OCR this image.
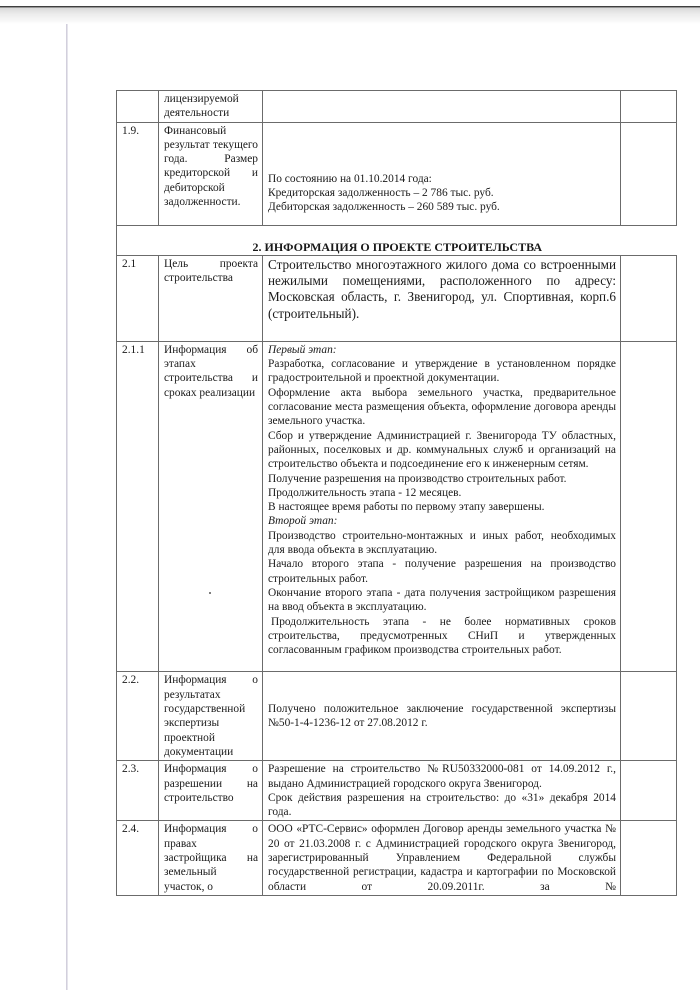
	лицензируемой деятельности		
1.9.	Финансовый результат текущего года. Размер кредиторской и дебиторской задолженности.	По состоянию на 01.10.2014 года:

Кредиторская задолженность – 2 786 тыс. руб.

Дебиторская задолженность – 260 589 тыс. руб.	

2. ИНФОРМАЦИЯ О ПРОЕКТЕ СТРОИТЕЛЬСТВА			
2.1	Цель проекта строительства	Строительство многоэтажного жилого дома со встроенными нежилыми помещениями, расположенного по адресу: Московская область, г. Звенигород, ул. Спортивная, корп.6 (строительный).	
2.1.1	Информация об этапах строительства и сроках реализации	

Первый этап:

Разработка, согласование и утверждение в установленном порядке градостроительной и проектной документации.

Оформление акта выбора земельного участка, предварительное согласование места размещения объекта, оформление договора аренды земельного участка.

Сбор и утверждение Администрацией г. Звенигорода ТУ областных, районных, поселковых и др. коммунальных служб и организаций на строительство объекта и подсоединение его к инженерным сетям.

Получение разрешения на производство строительных работ.

Продолжительность этапа - 12 месяцев.

В настоящее время работы по первому этапу завершены.

Второй этап:

Производство строительно-монтажных и иных работ, необходимых для ввода объекта в эксплуатацию.

Начало второго этапа - получение разрешения на производство строительных работ.

Окончание второго этапа - дата получения застройщиком разрешения на ввод объекта в эксплуатацию.

Продолжительность этапа - не более нормативных сроков строительства, предусмотренных СНиП и утвержденных согласованным графиком производства строительных работ.

2.2.	Информация о результатах государственной экспертизы проектной документации	Получено положительное заключение государственной экспертизы №50-1-4-1236-12 от 27.08.2012 г.	
2.3.	Информация о разрешении на строительство	Разрешение на строительство №RU50332000-081 от 14.09.2012 г., выдано Администрацией городского округа Звенигород.

Срок действия разрешения на строительство: до «31» декабря 2014 года.	

2.4.	Информация о правах застройщика на земельный участок, о	ООО «РТС-Сервис» оформлен Договор аренды земельного участка № 20 от 21.03.2008 г. с Администрацией городского округа Звенигород, зарегистрированный Управлением Федеральной службы государственной регистрации, кадастра и картографии по Московской области от 20.09.2011г. за №	
